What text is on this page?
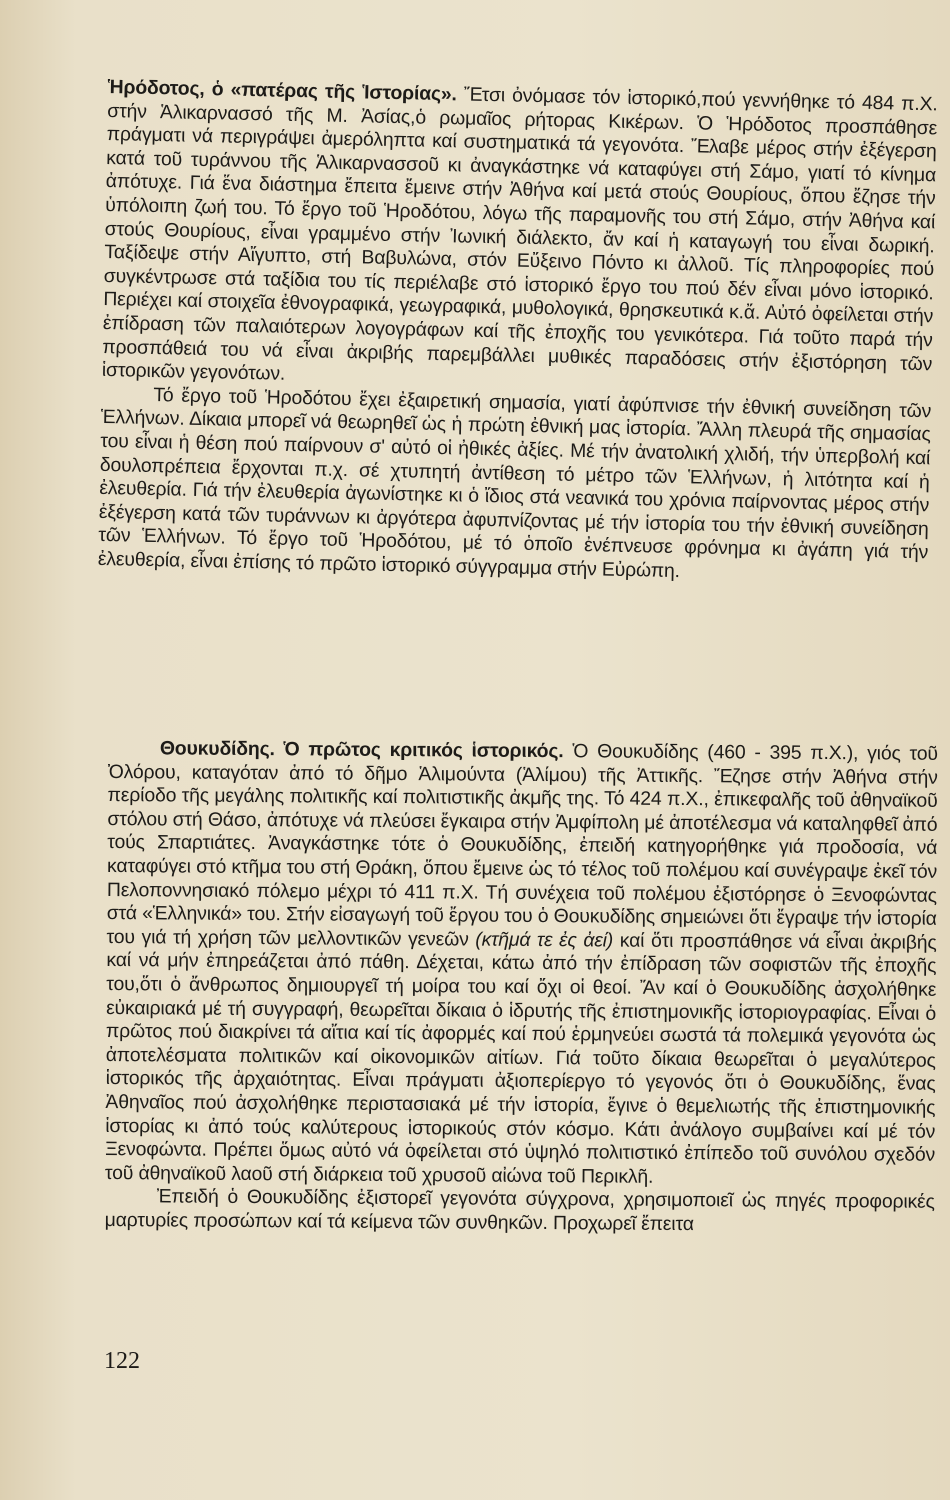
Ἡρόδοτος, ὁ «πατέρας τῆς Ἱστορίας». Ἔτσι ὀνόμασε τόν ἱστορικό,πού γεννήθηκε τό 484 π.Χ. στήν Ἁλικαρνασσό τῆς Μ. Ἀσίας,ὁ ρωμαῖος ρήτορας Κικέρων. Ὁ Ἡρόδοτος προσπάθησε πράγματι νά περιγράψει ἀμερόληπτα καί συστηματικά τά γεγονότα. Ἔλαβε μέρος στήν ἐξέγερση κατά τοῦ τυράννου τῆς Ἁλικαρνασσοῦ κι ἀναγκάστηκε νά καταφύγει στή Σάμο, γιατί τό κίνημα ἀπότυχε. Γιά ἕνα διάστημα ἔπειτα ἔμεινε στήν Ἀθήνα καί μετά στούς Θουρίους, ὅπου ἔζησε τήν ὑπόλοιπη ζωή του. Τό ἔργο τοῦ Ἡροδότου, λόγω τῆς παραμονῆς του στή Σάμο, στήν Ἀθήνα καί στούς Θουρίους, εἶναι γραμμένο στήν Ἰωνική διάλεκτο, ἄν καί ἡ καταγωγή του εἶναι δωρική. Ταξίδεψε στήν Αἴγυπτο, στή Βαβυλώνα, στόν Εὔξεινο Πόντο κι ἀλλοῦ. Τίς πληροφορίες πού συγκέντρωσε στά ταξίδια του τίς περιέλαβε στό ἱστορικό ἔργο του πού δέν εἶναι μόνο ἱστορικό. Περιέχει καί στοιχεῖα ἐθνογραφικά, γεωγραφικά, μυθολογικά, θρησκευτικά κ.ἄ. Αὐτό ὀφείλεται στήν ἐπίδραση τῶν παλαιότερων λογογράφων καί τῆς ἐποχῆς του γενικότερα. Γιά τοῦτο παρά τήν προσπάθειά του νά εἶναι ἀκριβής παρεμβάλλει μυθικές παραδόσεις στήν ἐξιστόρηση τῶν ἱστορικῶν γεγονότων.

Τό ἔργο τοῦ Ἡροδότου ἔχει ἐξαιρετική σημασία, γιατί ἀφύπνισε τήν ἐθνική συνείδηση τῶν Ἑλλήνων. Δίκαια μπορεῖ νά θεωρηθεῖ ὡς ἡ πρώτη ἐθνική μας ἱστορία. Ἄλλη πλευρά τῆς σημασίας του εἶναι ἡ θέση πού παίρνουν σ' αὐτό οἱ ἠθικές ἀξίες. Μέ τήν ἀνατολική χλιδή, τήν ὑπερβολή καί δουλοπρέπεια ἔρχονται π.χ. σέ χτυπητή ἀντίθεση τό μέτρο τῶν Ἑλλήνων, ἡ λιτότητα καί ἡ ἐλευθερία. Γιά τήν ἐλευθερία ἀγωνίστηκε κι ὁ ἴδιος στά νεανικά του χρόνια παίρνοντας μέρος στήν ἐξέγερση κατά τῶν τυράννων κι ἀργότερα ἀφυπνίζοντας μέ τήν ἱστορία του τήν ἐθνική συνείδηση τῶν Ἑλλήνων. Τό ἔργο τοῦ Ἡροδότου, μέ τό ὁποῖο ἐνέπνευσε φρόνημα κι ἀγάπη γιά τήν ἐλευθερία, εἶναι ἐπίσης τό πρῶτο ἱστορικό σύγγραμμα στήν Εὐρώπη.

Θουκυδίδης. Ὁ πρῶτος κριτικός ἱστορικός. Ὁ Θουκυδίδης (460 - 395 π.Χ.), γιός τοῦ Ὀλόρου, καταγόταν ἀπό τό δῆμο Ἁλιμούντα (Ἁλίμου) τῆς Ἀττικῆς. Ἔζησε στήν Ἀθήνα στήν περίοδο τῆς μεγάλης πολιτικῆς καί πολιτιστικῆς ἀκμῆς της. Τό 424 π.Χ., ἐπικεφαλῆς τοῦ ἀθηναϊκοῦ στόλου στή Θάσο, ἀπότυχε νά πλεύσει ἔγκαιρα στήν Ἀμφίπολη μέ ἀποτέλεσμα νά καταληφθεῖ ἀπό τούς Σπαρτιάτες. Ἀναγκάστηκε τότε ὁ Θουκυδίδης, ἐπειδή κατηγορήθηκε γιά προδοσία, νά καταφύγει στό κτῆμα του στή Θράκη, ὅπου ἔμεινε ὡς τό τέλος τοῦ πολέμου καί συνέγραψε ἐκεῖ τόν Πελοποννησιακό πόλεμο μέχρι τό 411 π.Χ. Τή συνέχεια τοῦ πολέμου ἐξιστόρησε ὁ Ξενοφώντας στά «Ἑλληνικά» του. Στήν εἰσαγωγή τοῦ ἔργου του ὁ Θουκυδίδης σημειώνει ὅτι ἔγραψε τήν ἱστορία του γιά τή χρήση τῶν μελλοντικῶν γενεῶν (κτῆμά τε ἐς ἀεί) καί ὅτι προσπάθησε νά εἶναι ἀκριβής καί νά μήν ἐπηρεάζεται ἀπό πάθη. Δέχεται, κάτω ἀπό τήν ἐπίδραση τῶν σοφιστῶν τῆς ἐποχῆς του,ὅτι ὁ ἄνθρωπος δημιουργεῖ τή μοίρα του καί ὄχι οἱ θεοί. Ἄν καί ὁ Θουκυδίδης ἀσχολήθηκε εὐκαιριακά μέ τή συγγραφή, θεωρεῖται δίκαια ὁ ἱδρυτής τῆς ἐπιστημονικῆς ἱστοριογραφίας. Εἶναι ὁ πρῶτος πού διακρίνει τά αἴτια καί τίς ἀφορμές καί πού ἑρμηνεύει σωστά τά πολεμικά γεγονότα ὡς ἀποτελέσματα πολιτικῶν καί οἰκονομικῶν αἰτίων. Γιά τοῦτο δίκαια θεωρεῖται ὁ μεγαλύτερος ἱστορικός τῆς ἀρχαιότητας. Εἶναι πράγματι ἀξιοπερίεργο τό γεγονός ὅτι ὁ Θουκυδίδης, ἕνας Ἀθηναῖος πού ἀσχολήθηκε περιστασιακά μέ τήν ἱστορία, ἔγινε ὁ θεμελιωτής τῆς ἐπιστημονικής ἱστορίας κι ἀπό τούς καλύτερους ἱστορικούς στόν κόσμο. Κάτι ἀνάλογο συμβαίνει καί μέ τόν Ξενοφώντα. Πρέπει ὅμως αὐτό νά ὀφείλεται στό ὑψηλό πολιτιστικό ἐπίπεδο τοῦ συνόλου σχεδόν τοῦ ἀθηναϊκοῦ λαοῦ στή διάρκεια τοῦ χρυσοῦ αἰώνα τοῦ Περικλῆ.

Ἐπειδή ὁ Θουκυδίδης ἐξιστορεῖ γεγονότα σύγχρονα, χρησιμοποιεῖ ὡς πηγές προφορικές μαρτυρίες προσώπων καί τά κείμενα τῶν συνθηκῶν. Προχωρεῖ ἔπειτα

122
